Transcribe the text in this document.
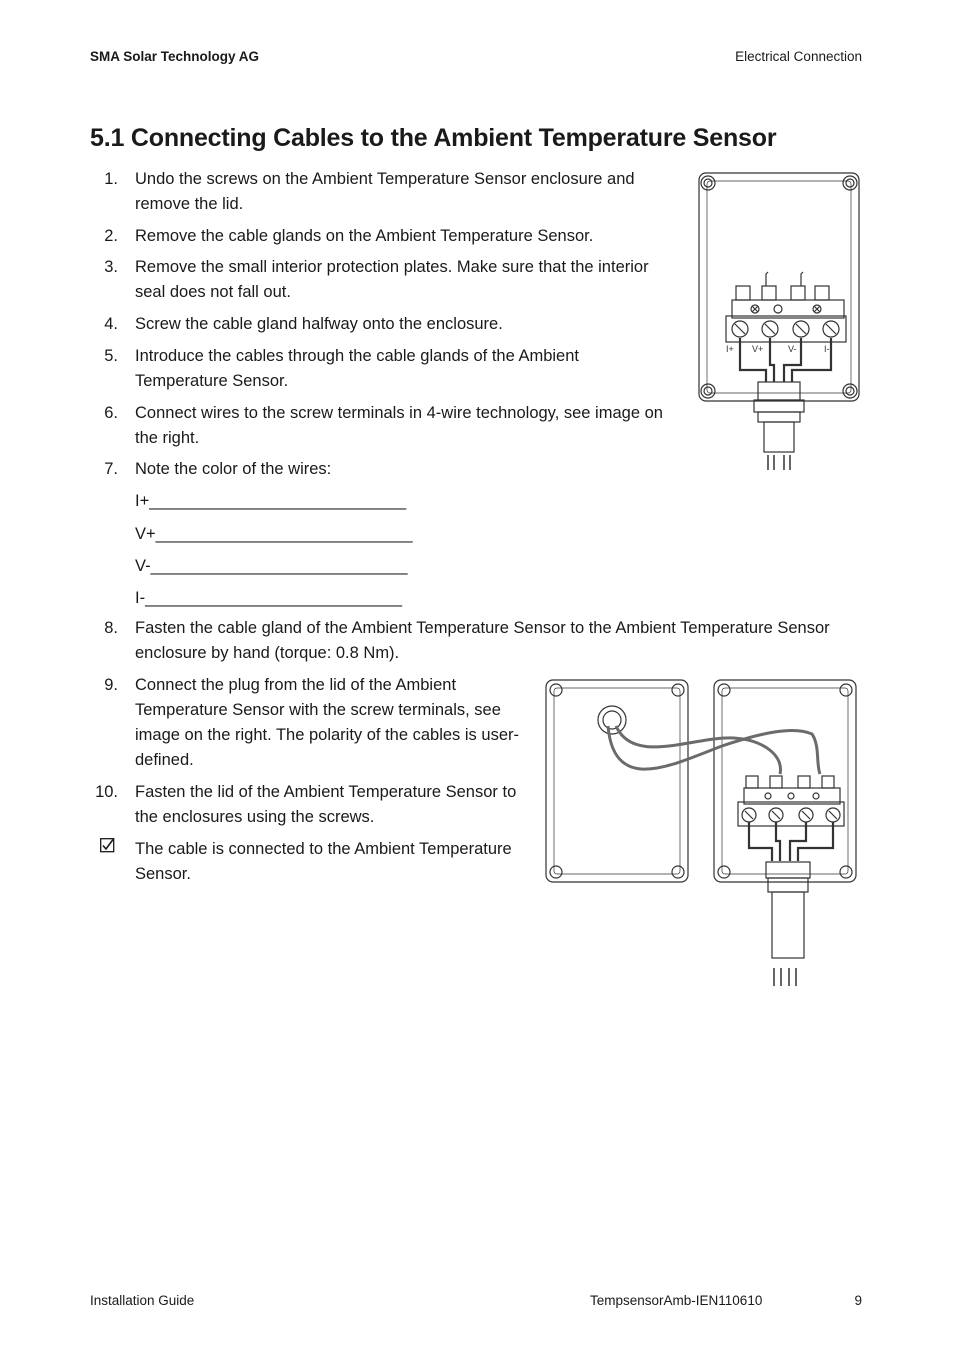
SMA Solar Technology AG	Electrical Connection
5.1 Connecting Cables to the Ambient Temperature Sensor
1. Undo the screws on the Ambient Temperature Sensor enclosure and
remove the lid.
2. Remove the cable glands on the Ambient Temperature Sensor.
3. Remove the small interior protection plates. Make sure that the interior
seal does not fall out.
4. Screw the cable gland halfway onto the enclosure.
5. Introduce the cables through the cable glands of the Ambient
Temperature Sensor.
6. Connect wires to the screw terminals in 4-wire technology, see image on
the right.
7. Note the color of the wires:
I+____________________________
V+____________________________
V-____________________________
I-____________________________
8. Fasten the cable gland of the Ambient Temperature Sensor to the Ambient Temperature Sensor
enclosure by hand (torque: 0.8 Nm).
9. Connect the plug from the lid of the Ambient
Temperature Sensor with the screw terminals, see
image on the right. The polarity of the cables is user-
defined.
10. Fasten the lid of the Ambient Temperature Sensor to
the enclosures using the screws.
The cable is connected to the Ambient Temperature
Sensor.
I+ V+	V-	I-
Installation Guide	TempsensorAmb-IEN110610	9
